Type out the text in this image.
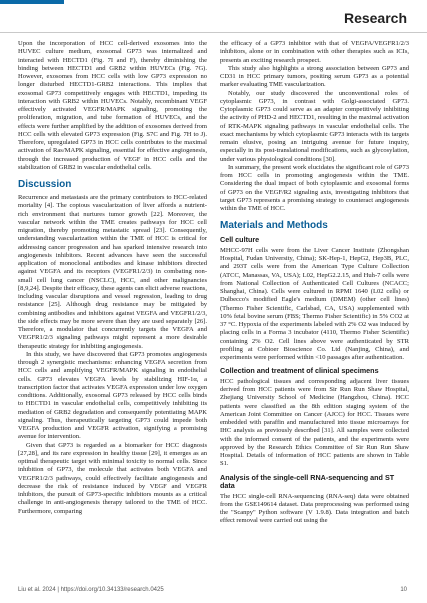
Research

Upon the incorporation of HCC cell-derived exosomes into the HUVEC culture medium, exosomal GP73 was internalized and interacted with HECTD1 (Fig. 7I and F), thereby diminishing the binding between HECTD1 and GRB2 within HUVECs (Fig. 7G). However, exosomes from HCC cells with low GP73 expression no longer disturbed HECTD1-GRB2 interactions. This implies that exosomal GP73 competitively engages with HECTD1, impeding its interaction with GRB2 within HUVECs. Notably, recombinant VEGF effectively activated VEGFR/MAPK signaling, promoting the proliferation, migration, and tube formation of HUVECs, and the effects were further amplified by the addition of exosomes derived from HCC cells with elevated GP73 expression (Fig. S7C and Fig. 7H to J). Therefore, upregulated GP73 in HCC cells contributes to the maximal activation of Ras/MAPK signaling, essential for effective angiogenesis, through the increased production of VEGF in HCC cells and the stabilization of GRB2 in vascular endothelial cells.

Discussion

Recurrence and metastasis are the primary contributors to HCC-related mortality [4]. The copious vascularization of liver affords a nutrient-rich environment that nurtures tumor growth [22]. Moreover, the vascular network within the TME creates pathways for HCC cell migration, thereby promoting metastatic spread [23]. Consequently, understanding vascularization within the TME of HCC is critical for addressing cancer progression and has sparked intensive research into angiogenesis inhibitors. Recent advances have seen the successful application of monoclonal antibodies and kinase inhibitors directed against VEGFA and its receptors (VEGFR1/2/3) in combating non-small cell lung cancer (NSCLC), HCC, and other malignancies [8,9,24]. Despite their efficacy, these agents can elicit adverse reactions, including vascular disruptions and vessel regression, leading to drug resistance [25]. Although drug resistance may be mitigated by combining antibodies and inhibitors against VEGFA and VEGFR1/2/3, the side effects may be more severe than they are used separately [26]. Therefore, a modulator that concurrently targets the VEGFA and VEGFR1/2/3 signaling pathways might represent a more desirable therapeutic strategy for inhibiting angiogenesis.

In this study, we have discovered that GP73 promotes angiogenesis through 2 synergistic mechanisms: enhancing VEGFA secretion from HCC cells and amplifying VEGFR/MAPK signaling in endothelial cells. GP73 elevates VEGFA levels by stabilizing HIF-1α, a transcription factor that activates VEGFA expression under low oxygen conditions. Additionally, exosomal GP73 released by HCC cells binds to HECTD1 in vascular endothelial cells, competitively inhibiting its mediation of GRB2 degradation and consequently potentiating MAPK signaling. Thus, therapeutically targeting GP73 could impede both VEGFA production and VEGFR activation, signifying a promising avenue for intervention.

Given that GP73 is regarded as a biomarker for HCC diagnosis [27,28], and its rare expression in healthy tissue [29], it emerges as an optimal therapeutic target with minimal toxicity to normal cells. Since inhibition of GP73, the molecule that activates both VEGFA and VEGFR1/2/3 pathways, could effectively facilitate angiogenesis and decrease the risk of resistance induced by VEGF and VEGFR inhibitors, the pursuit of GP73-specific inhibitors mounts as a critical challenge in anti-angiogenesis therapy tailored to the TME of HCC. Furthermore, comparing

the efficacy of a GP73 inhibitor with that of VEGFA/VEGFR1/2/3 inhibitors, alone or in combination with other therapies such as ICIs, presents an exciting research prospect.

This study also highlights a strong association between GP73 and CD31 in HCC primary tumors, positing serum GP73 as a potential marker evaluating TME vascularization.

Notably, our study discovered the unconventional roles of cytoplasmic GP73, in contrast with Golgi-associated GP73. Cytoplasmic GP73 could serve as an adapter competitively inhibiting the activity of PHD-2 and HECTD1, resulting in the maximal activation of RTK-MAPK signaling pathways in vascular endothelial cells. The exact mechanisms by which cytoplasmic GP73 interacts with its targets remain elusive, posing an intriguing avenue for future inquiry, especially in its post-translational modifications, such as glycosylation, under various physiological conditions [30].

In summary, the present work elucidates the significant role of GP73 from HCC cells in promoting angiogenesis within the TME. Considering the dual impact of both cytoplasmic and exosomal forms of GP73 on the VEGF/R2 signaling axis, investigating inhibitors that target GP73 represents a promising strategy to counteract angiogenesis within the TME of HCC.

Materials and Methods
Cell culture

MHCC-97H cells were from the Liver Cancer Institute (Zhongshan Hospital, Fudan University, China); SK-Hep-1, HepG2, Hep3B, PLC, and 293T cells were from the American Type Culture Collection (ATCC, Manassas, VA, USA); L02, HepG2.2.15, and Huh-7 cells were from National Collection of Authenticated Cell Cultures (NCACC; Shanghai, China). Cells were cultured in RPMI 1640 (L02 cells) or Dulbecco's modified Eagle's medium (DMEM) (other cell lines) (Thermo Fisher Scientific, Carlsbad, CA, USA) supplemented with 10% fetal bovine serum (FBS; Thermo Fisher Scientific) in 5% CO2 at 37 °C. Hypoxia of the experiments labeled with 2% O2 was induced by placing cells in a Forma 3 incubator (4110, Thermo Fisher Scientific) containing 2% O2. Cell lines above were authenticated by STR profiling at Cobioer Bioscience Co. Ltd (Nanjing, China), and experiments were performed within <10 passages after authentication.

Collection and treatment of clinical specimens

HCC pathological tissues and corresponding adjacent liver tissues derived from HCC patients were from Sir Run Run Shaw Hospital, Zhejiang University School of Medicine (Hangzhou, China). HCC patients were classified as the 8th edition staging system of the American Joint Committee on Cancer (AJCC) for HCC. Tissues were embedded with paraffin and manufactured into tissue microarrays for IHC analysis as previously described [31]. All samples were collected with the informed consent of the patients, and the experiments were approved by the Research Ethics Committee of Sir Run Run Shaw Hospital. Details of information of HCC patients are shown in Table S1.

Analysis of the single-cell RNA-sequencing and ST data

The HCC single-cell RNA-sequencing (RNA-seq) data were obtained from the GSE149614 dataset. Data preprocessing was performed using the "Scanpy" Python software (V 1.9.8). Data integration and batch effect removal were carried out using the

Liu et al. 2024 | https://doi.org/10.34133/research.0425	10
